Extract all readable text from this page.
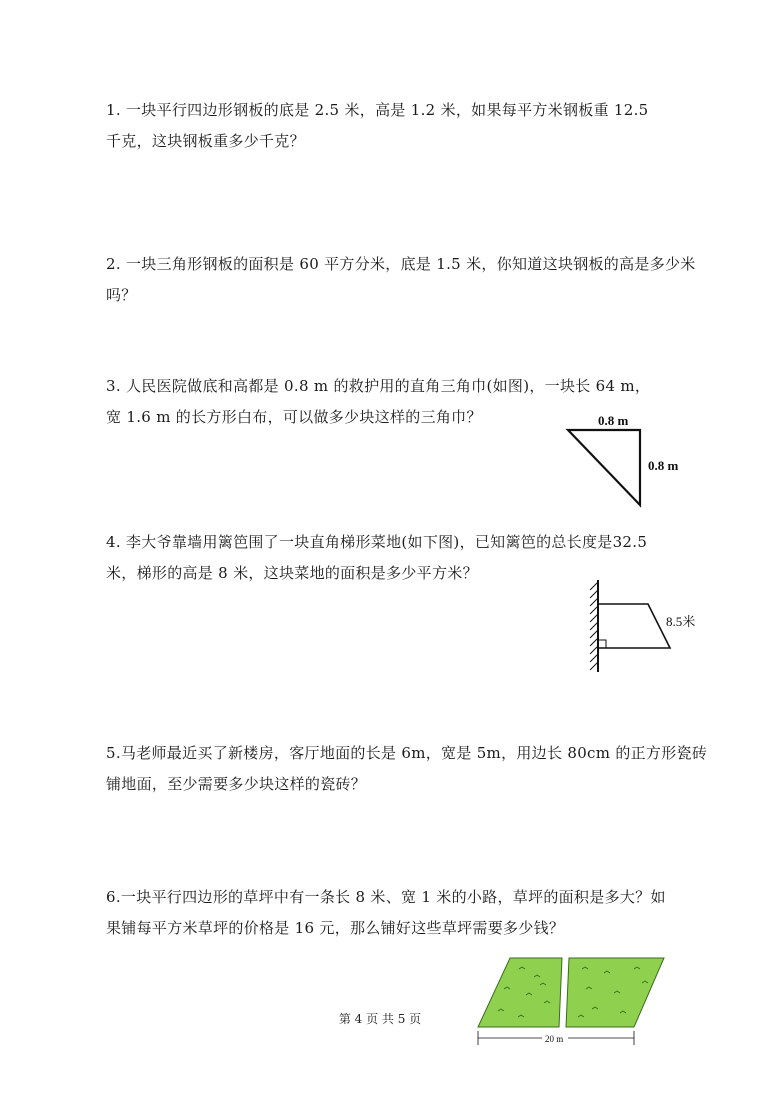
1. 一块平行四边形钢板的底是 2.5 米，高是 1.2 米，如果每平方米钢板重 12.5

千克，这块钢板重多少千克？

2. 一块三角形钢板的面积是 60 平方分米，底是 1.5 米，你知道这块钢板的高是多少米

吗？

3. 人民医院做底和高都是 0.8 m 的救护用的直角三角巾(如图)，一块长 64 m，

宽 1.6 m 的长方形白布，可以做多少块这样的三角巾？	0.8 m
0.8 m

4. 李大爷靠墙用篱笆围了一块直角梯形菜地(如下图)，已知篱笆的总长度是32.5

米，梯形的高是 8 米，这块菜地的面积是多少平方米？

8.5米

5.马老师最近买了新楼房，客厅地面的长是 6m，宽是 5m，用边长 80cm 的正方形瓷砖

铺地面，至少需要多少块这样的瓷砖？

6.一块平行四边形的草坪中有一条长 8 米、宽 1 米的小路，草坪的面积是多大？如

果铺每平方米草坪的价格是 16 元，那么铺好这些草坪需要多少钱？

20 m
第 4 页 共 5 页
